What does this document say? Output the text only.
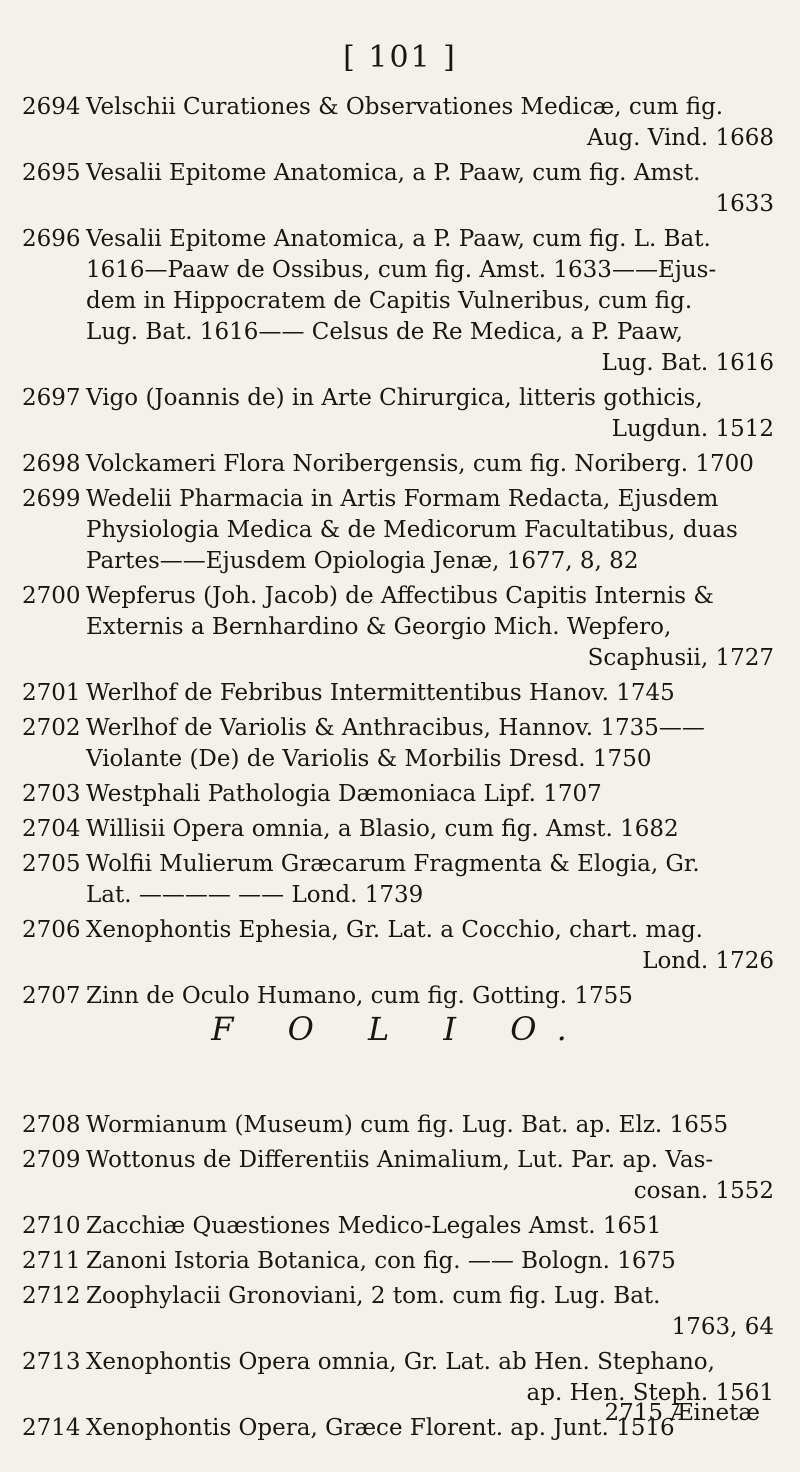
[ 101 ]
2694 Velschii Curationes & Observationes Medicæ, cum fig.
Aug. Vind. 1668
2695 Vesalii Epitome Anatomica, a P. Paaw, cum fig. Amst.
1633
2696 Vesalii Epitome Anatomica, a P. Paaw, cum fig. L. Bat.
1616—Paaw de Ossibus, cum fig. Amst. 1633——Ejus-
dem in Hippocratem de Capitis Vulneribus, cum fig.
Lug. Bat. 1616—— Celsus de Re Medica, a P. Paaw,
Lug. Bat. 1616
2697 Vigo (Joannis de) in Arte Chirurgica, litteris gothicis,
Lugdun. 1512
2698 Volckameri Flora Noribergensis, cum fig. Noriberg. 1700
2699 Wedelii Pharmacia in Artis Formam Redacta, Ejusdem
Physiologia Medica & de Medicorum Facultatibus, duas
Partes——Ejusdem Opiologia Jenæ, 1677, 8, 82
2700 Wepferus (Joh. Jacob) de Affectibus Capitis Internis &
Externis a Bernhardino & Georgio Mich. Wepfero,
Scaphusii, 1727
2701 Werlhof de Febribus Intermittentibus Hanov. 1745
2702 Werlhof de Variolis & Anthracibus, Hannov. 1735——
Violante (De) de Variolis & Morbilis Dresd. 1750
2703 Westphali Pathologia Dæmoniaca Lipf. 1707
2704 Willisii Opera omnia, a Blasio, cum fig. Amst. 1682
2705 Wolfii Mulierum Græcarum Fragmenta & Elogia, Gr.
Lat. ———— —— Lond. 1739
2706 Xenophontis Ephesia, Gr. Lat. a Cocchio, chart. mag.
Lond. 1726
2707 Zinn de Oculo Humano, cum fig. Gotting. 1755
F O L I O.
2708 Wormianum (Museum) cum fig. Lug. Bat. ap. Elz. 1655
2709 Wottonus de Differentiis Animalium, Lut. Par. ap. Vas-
cosan. 1552
2710 Zacchiæ Quæstiones Medico-Legales Amst. 1651
2711 Zanoni Istoria Botanica, con fig. —— Bologn. 1675
2712 Zoophylacii Gronoviani, 2 tom. cum fig. Lug. Bat.
1763, 64
2713 Xenophontis Opera omnia, Gr. Lat. ab Hen. Stephano,
ap. Hen. Steph. 1561
2714 Xenophontis Opera, Græce Florent. ap. Junt. 1516
2715 Æinetæ
